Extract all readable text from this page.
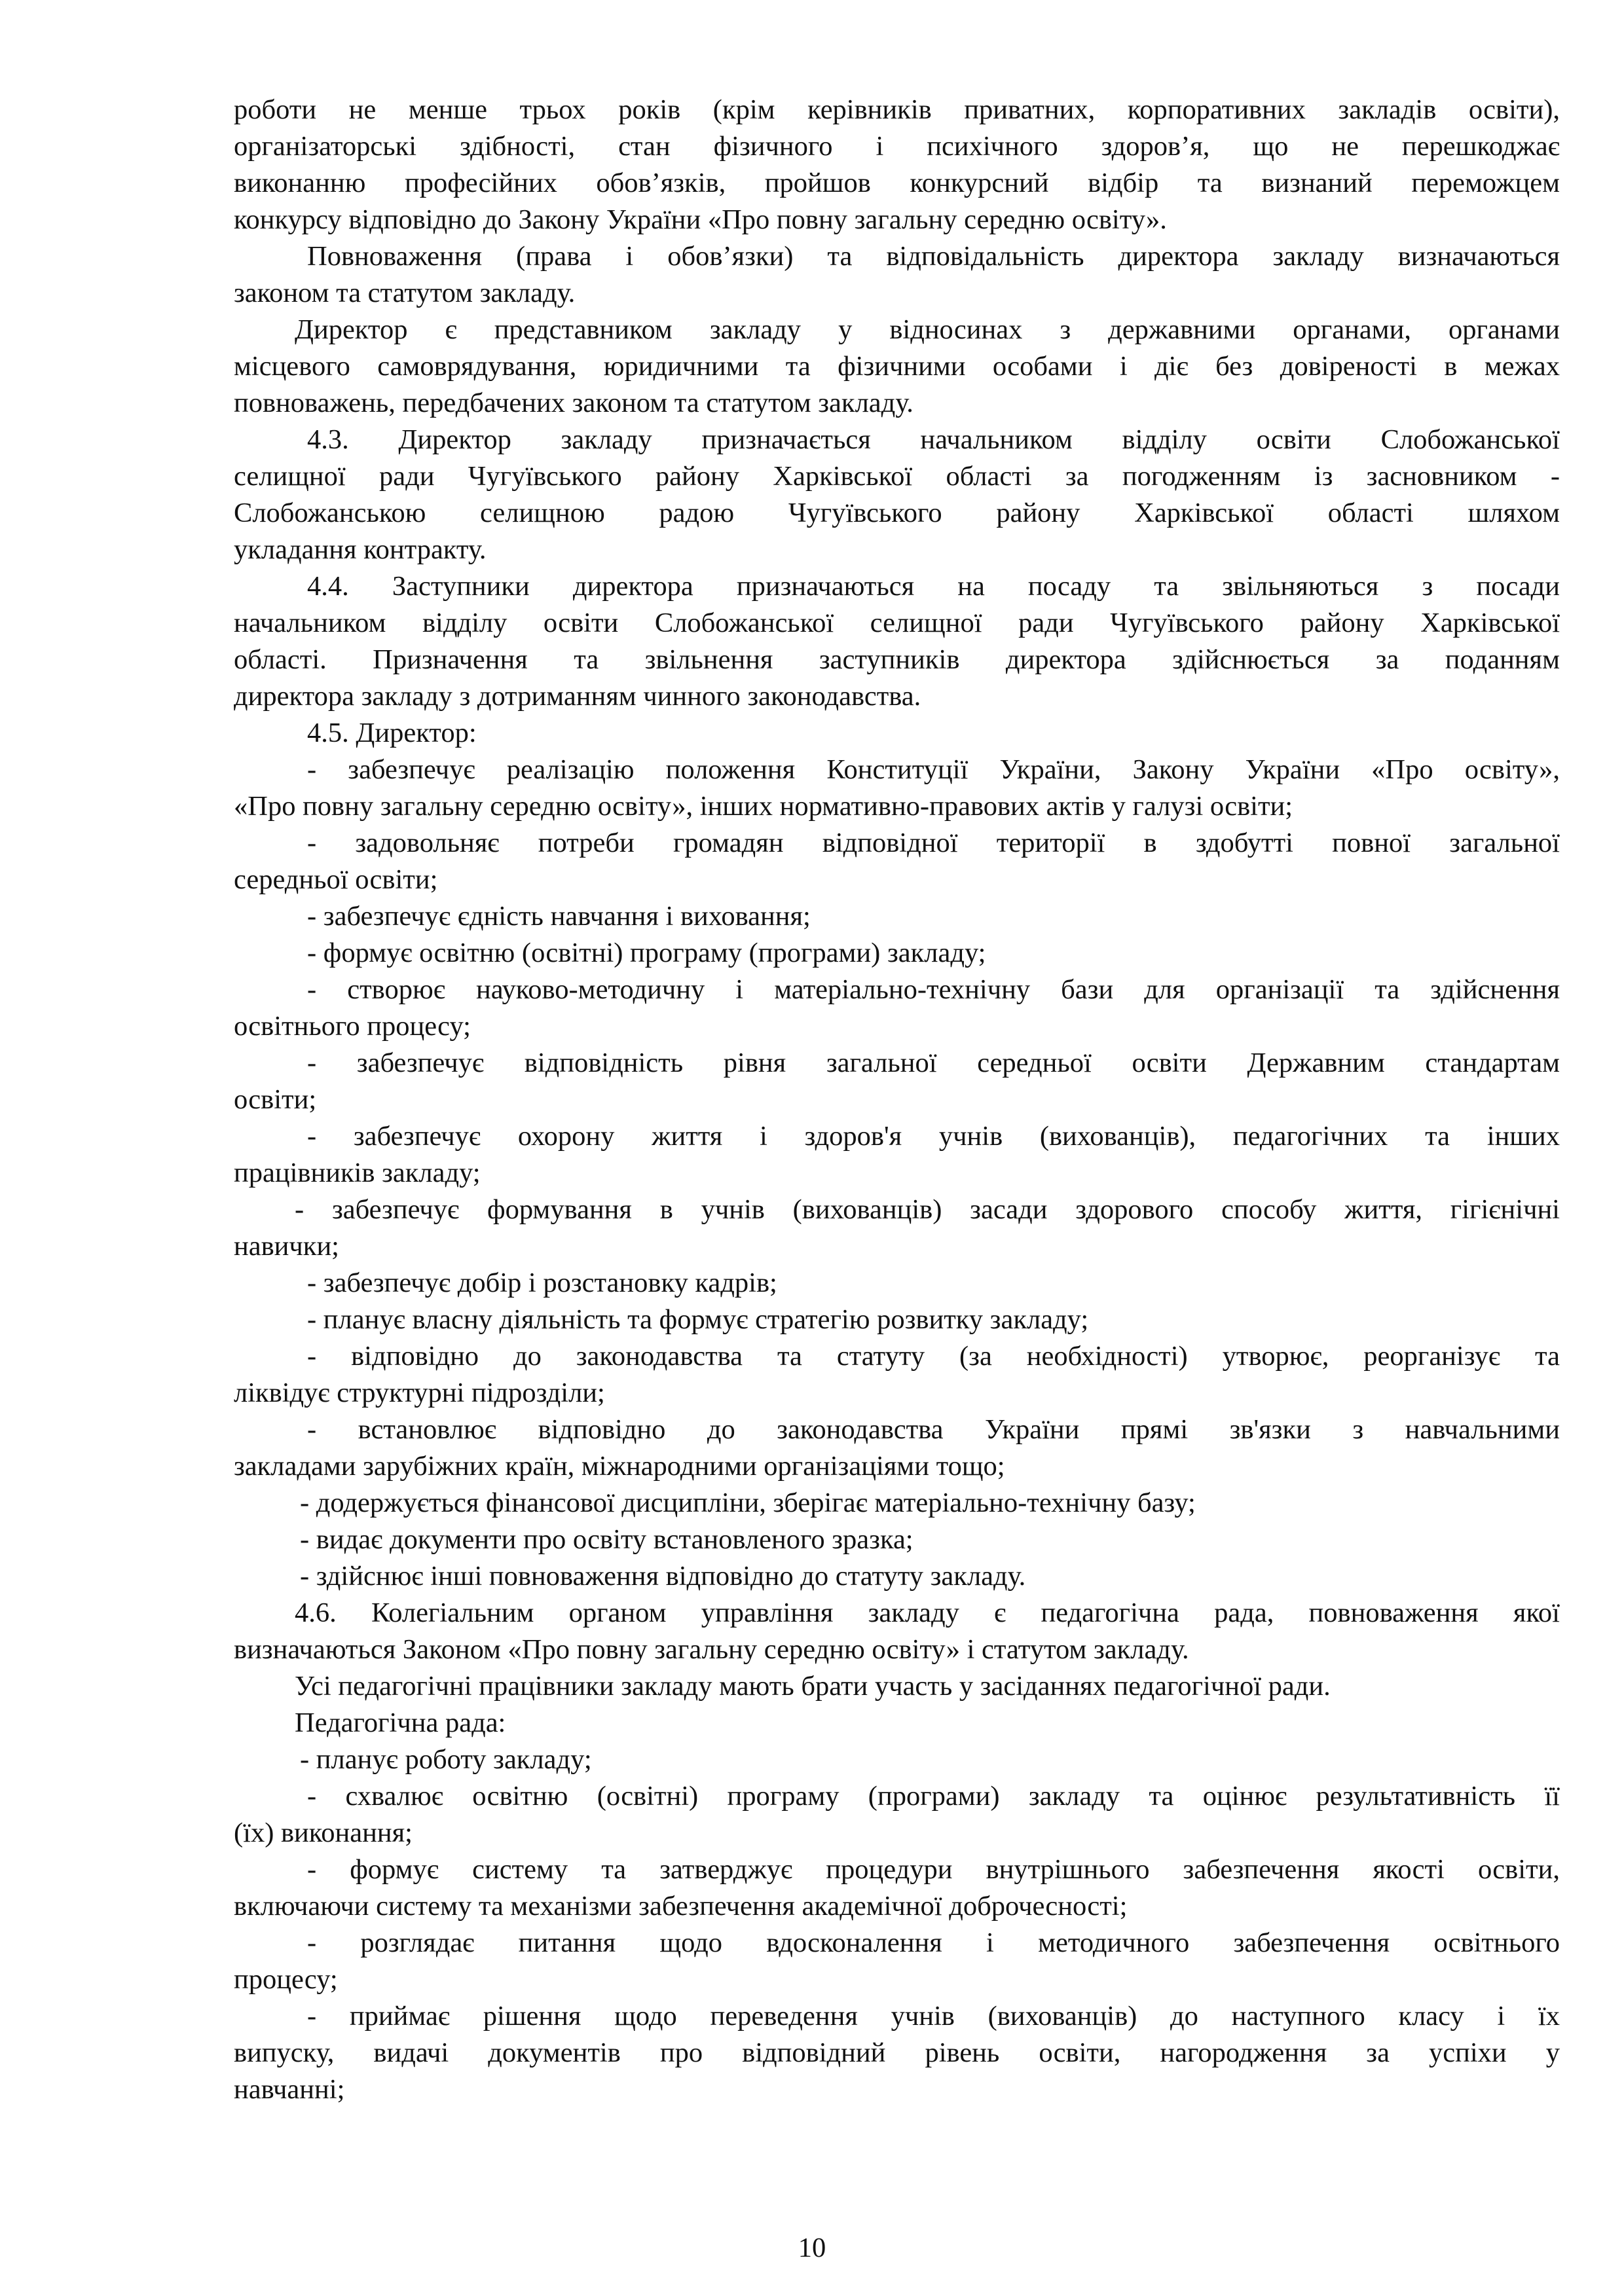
роботи не менше трьох років (крім керівників приватних, корпоративних закладів освіти),
організаторські здібності, стан фізичного і психічного здоров’я, що не перешкоджає
виконанню професійних обов’язків, пройшов конкурсний відбір та визнаний переможцем
конкурсу відповідно до Закону України «Про повну загальну середню освіту».
Повноваження (права і обов’язки) та відповідальність директора закладу визначаються
законом та статутом закладу.
Директор є представником закладу у відносинах з державними органами, органами
місцевого самоврядування, юридичними та фізичними особами і діє без довіреності в межах
повноважень, передбачених законом та статутом закладу.
4.3. Директор закладу призначається начальником відділу освіти Слобожанської
селищної ради Чугуївського району Харківської області за погодженням із засновником -
Слобожанською селищною радою Чугуївського району Харківської області шляхом
укладання контракту.
4.4. Заступники директора призначаються на посаду та звільняються з посади
начальником відділу освіти Слобожанської селищної ради Чугуївського району Харківської
області. Призначення та звільнення заступників директора здійснюється за поданням
директора закладу з дотриманням чинного законодавства.
4.5. Директор:
- забезпечує реалізацію положення Конституції України, Закону України «Про освіту»,
«Про повну загальну середню освіту», інших нормативно-правових актів у галузі освіти;
- задовольняє потреби громадян відповідної території в здобутті повної загальної
середньої освіти;
- забезпечує єдність навчання і виховання;
- формує освітню (освітні) програму (програми) закладу;
- створює науково-методичну і матеріально-технічну бази для організації та здійснення
освітнього процесу;
- забезпечує відповідність рівня загальної середньої освіти Державним стандартам
освіти;
- забезпечує охорону життя і здоров'я учнів (вихованців), педагогічних та інших
працівників закладу;
- забезпечує формування в учнів (вихованців) засади здорового способу життя, гігієнічні
навички;
- забезпечує добір і розстановку кадрів;
- планує власну діяльність та формує стратегію розвитку закладу;
- відповідно до законодавства та статуту (за необхідності) утворює, реорганізує та
ліквідує структурні підрозділи;
- встановлює відповідно до законодавства України прямі зв'язки з навчальними
закладами зарубіжних країн, міжнародними організаціями тощо;
- додержується фінансової дисципліни, зберігає матеріально-технічну базу;
- видає документи про освіту встановленого зразка;
- здійснює інші повноваження відповідно до статуту закладу.
4.6. Колегіальним органом управління закладу є педагогічна рада, повноваження якої
визначаються Законом «Про повну загальну середню освіту» і статутом закладу.
Усі педагогічні працівники закладу мають брати участь у засіданнях педагогічної ради.
Педагогічна рада:
- планує роботу закладу;
- схвалює освітню (освітні) програму (програми) закладу та оцінює результативність її
(їх) виконання;
- формує систему та затверджує процедури внутрішнього забезпечення якості освіти,
включаючи систему та механізми забезпечення академічної доброчесності;
- розглядає питання щодо вдосконалення і методичного забезпечення освітнього
процесу;
- приймає рішення щодо переведення учнів (вихованців) до наступного класу і їх
випуску, видачі документів про відповідний рівень освіти, нагородження за успіхи у
навчанні;
10
